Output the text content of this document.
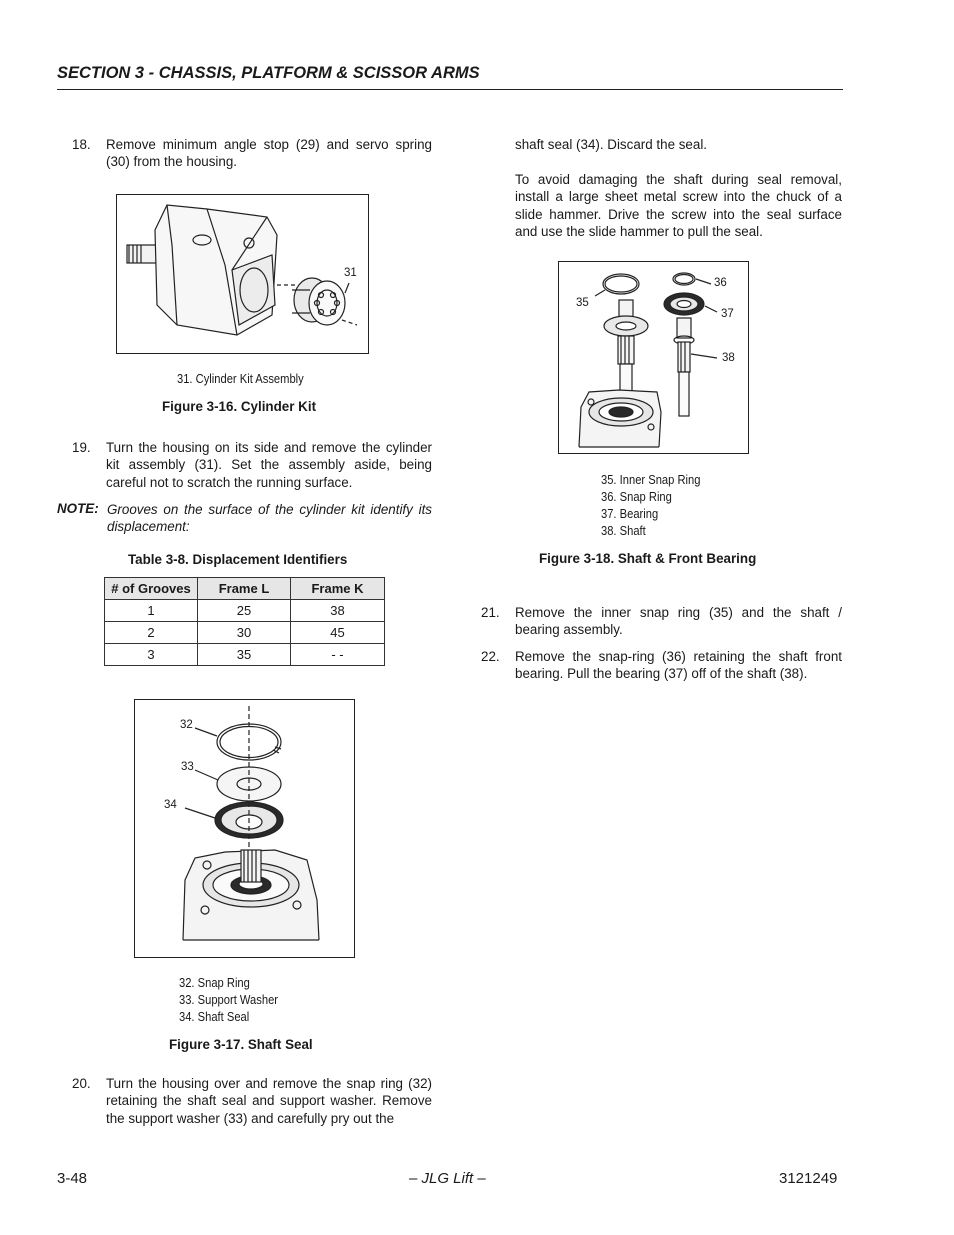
SECTION 3 - CHASSIS, PLATFORM & SCISSOR ARMS
18. Remove minimum angle stop (29) and servo spring (30) from the housing.
31
31. Cylinder Kit Assembly
Figure 3-16. Cylinder Kit
19. Turn the housing on its side and remove the cylinder kit assembly (31). Set the assembly aside, being careful not to scratch the running surface.
NOTE: Grooves on the surface of the cylinder kit identify its displacement:
Table 3-8. Displacement Identifiers
# of Grooves	Frame L	Frame K
1	25	38
2	30	45
3	35	- -
32
33
34
32. Snap Ring
33. Support Washer
34. Shaft Seal
Figure 3-17. Shaft Seal
20. Turn the housing over and remove the snap ring (32) retaining the shaft seal and support washer. Remove the support washer (33) and carefully pry out the
shaft seal (34). Discard the seal.
To avoid damaging the shaft during seal removal, install a large sheet metal screw into the chuck of a slide hammer. Drive the screw into the seal surface and use the slide hammer to pull the seal.
35
36
37
38
35. Inner Snap Ring
36. Snap Ring
37. Bearing
38. Shaft
Figure 3-18. Shaft & Front Bearing
21. Remove the inner snap ring (35) and the shaft / bearing assembly.
22. Remove the snap-ring (36) retaining the shaft front bearing. Pull the bearing (37) off of the shaft (38).
3-48	– JLG Lift –	3121249
